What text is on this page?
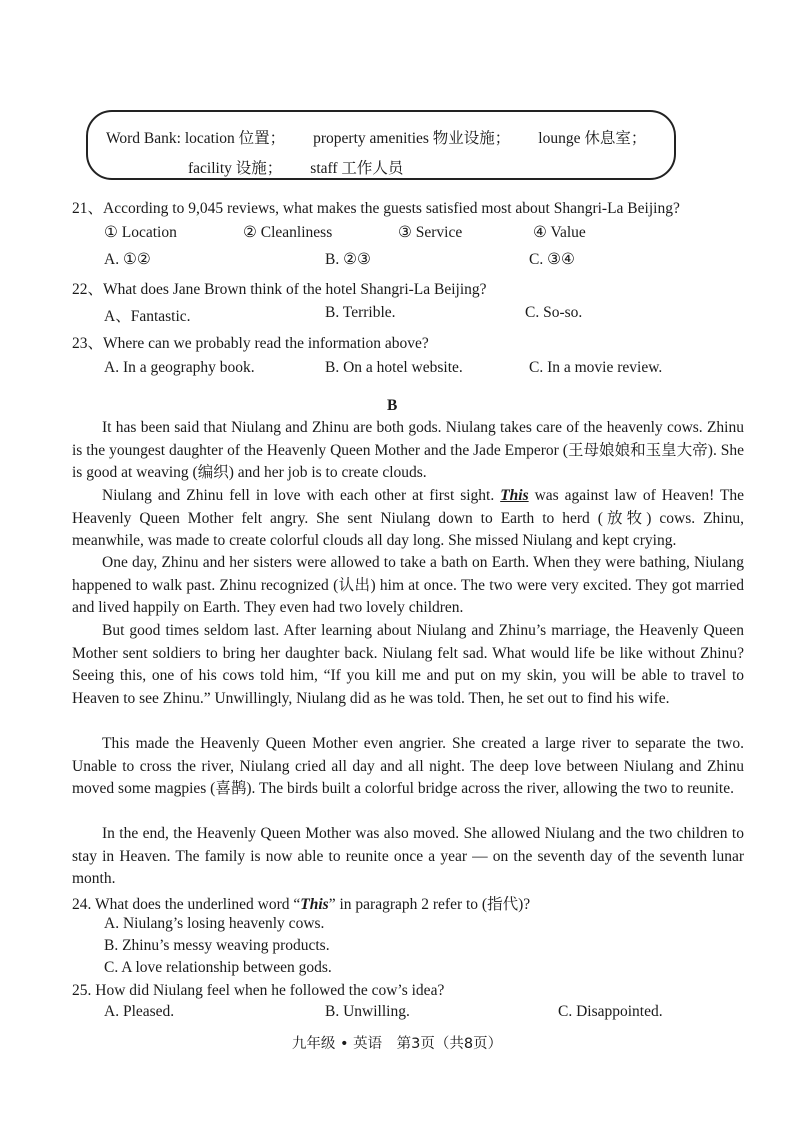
Word Bank: location 位置； property amenities 物业设施； lounge 休息室；
facility 设施； staff 工作人员
21、According to 9,045 reviews, what makes the guests satisfied most about Shangri-La Beijing?
① Location	② Cleanliness	③ Service	④ Value
A. ①②	B. ②③	C. ③④
22、What does Jane Brown think of the hotel Shangri-La Beijing?
A、Fantastic.	B. Terrible.	C. So-so.
23、Where can we probably read the information above?
A. In a geography book.	B. On a hotel website.	C. In a movie review.
B
It has been said that Niulang and Zhinu are both gods. Niulang takes care of the heavenly cows. Zhinu is the youngest daughter of the Heavenly Queen Mother and the Jade Emperor (王母娘娘和玉皇大帝). She is good at weaving (编织) and her job is to create clouds.
Niulang and Zhinu fell in love with each other at first sight. This was against law of Heaven! The Heavenly Queen Mother felt angry. She sent Niulang down to Earth to herd (放牧) cows. Zhinu, meanwhile, was made to create colorful clouds all day long. She missed Niulang and kept crying.
One day, Zhinu and her sisters were allowed to take a bath on Earth. When they were bathing, Niulang happened to walk past. Zhinu recognized (认出) him at once. The two were very excited. They got married and lived happily on Earth. They even had two lovely children.
But good times seldom last. After learning about Niulang and Zhinu’s marriage, the Heavenly Queen Mother sent soldiers to bring her daughter back. Niulang felt sad. What would life be like without Zhinu? Seeing this, one of his cows told him, “If you kill me and put on my skin, you will be able to travel to Heaven to see Zhinu.” Unwillingly, Niulang did as he was told. Then, he set out to find his wife.
This made the Heavenly Queen Mother even angrier. She created a large river to separate the two. Unable to cross the river, Niulang cried all day and all night. The deep love between Niulang and Zhinu moved some magpies (喜鹊). The birds built a colorful bridge across the river, allowing the two to reunite.
In the end, the Heavenly Queen Mother was also moved. She allowed Niulang and the two children to stay in Heaven. The family is now able to reunite once a year — on the seventh day of the seventh lunar month.
24. What does the underlined word “This” in paragraph 2 refer to (指代)?
A. Niulang’s losing heavenly cows.
B. Zhinu’s messy weaving products.
C. A love relationship between gods.
25. How did Niulang feel when he followed the cow’s idea?
A. Pleased.	B. Unwilling.	C. Disappointed.
九年级 • 英语　第3页（共8页）
